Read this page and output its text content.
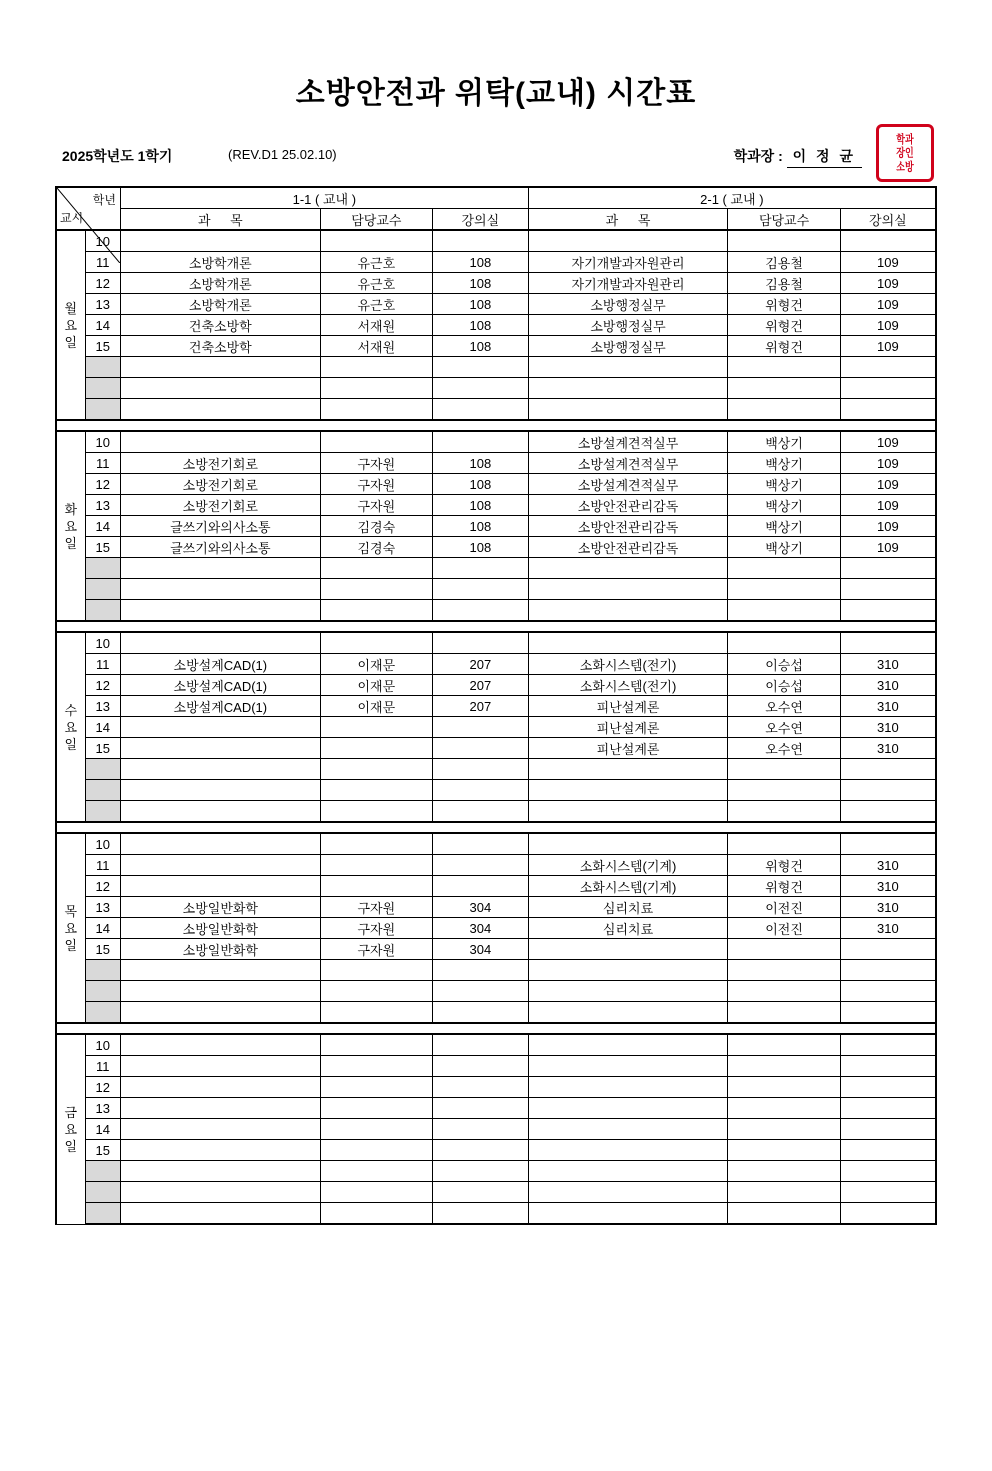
소방안전과 위탁(교내) 시간표
2025학년도 1학기	(REV.D1 25.02.10)	학과장 : 이 정 균
학과
장인
소방
학년
교시		1-1 ( 교내 )			2-1 ( 교내 )		
		과 목	담당교수	강의실	과 목	담당교수	강의실
월
요
일	10						
	11	소방학개론	유근호	108	자기개발과자원관리	김용철	109
	12	소방학개론	유근호	108	자기개발과자원관리	김용철	109
	13	소방학개론	유근호	108	소방행정실무	위형건	109
	14	건축소방학	서재원	108	소방행정실무	위형건	109
	15	건축소방학	서재원	108	소방행정실무	위형건	109

화
요
일	10				소방설계견적실무	백상기	109
	11	소방전기회로	구자원	108	소방설계견적실무	백상기	109
	12	소방전기회로	구자원	108	소방설계견적실무	백상기	109
	13	소방전기회로	구자원	108	소방안전관리감독	백상기	109
	14	글쓰기와의사소통	김경숙	108	소방안전관리감독	백상기	109
	15	글쓰기와의사소통	김경숙	108	소방안전관리감독	백상기	109

수
요
일	10						
	11	소방설계CAD(1)	이재문	207	소화시스템(전기)	이승섭	310
	12	소방설계CAD(1)	이재문	207	소화시스템(전기)	이승섭	310
	13	소방설계CAD(1)	이재문	207	피난설계론	오수연	310
	14				피난설계론	오수연	310
	15				피난설계론	오수연	310

목
요
일	10						
	11				소화시스템(기계)	위형건	310
	12				소화시스템(기계)	위형건	310
	13	소방일반화학	구자원	304	심리치료	이전진	310
	14	소방일반화학	구자원	304	심리치료	이전진	310
	15	소방일반화학	구자원	304			

금
요
일	10						
	11						
	12						
	13						
	14						
	15						
